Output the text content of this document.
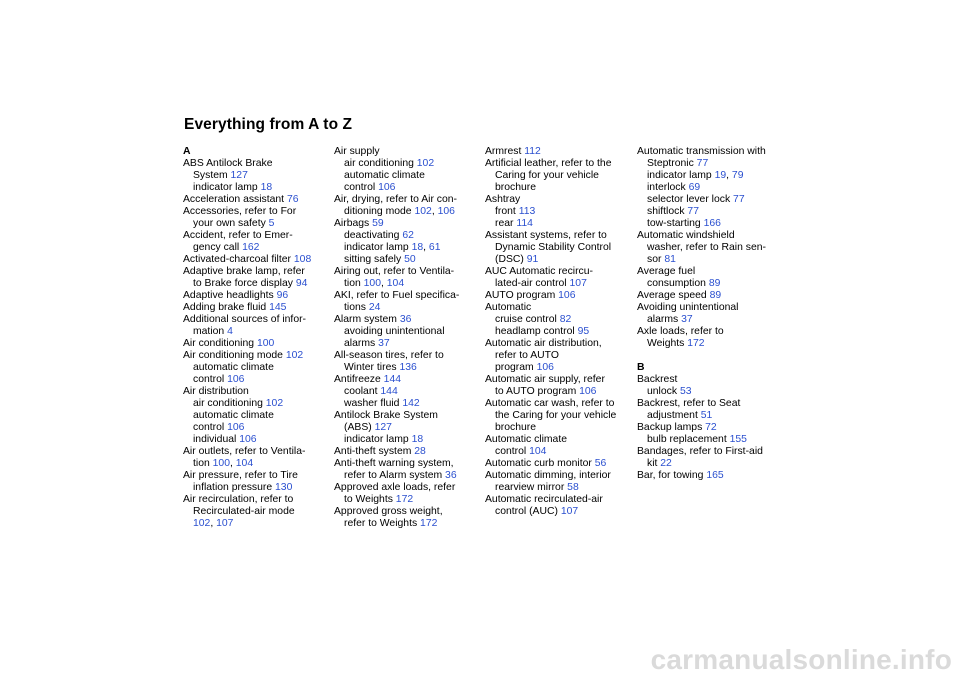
Everything from A to Z
A
ABS Antilock Brake
System 127
indicator lamp 18
Acceleration assistant 76
Accessories, refer to For
your own safety 5
Accident, refer to Emer-
gency call 162
Activated-charcoal filter 108
Adaptive brake lamp, refer
to Brake force display 94
Adaptive headlights 96
Adding brake fluid 145
Additional sources of infor-
mation 4
Air conditioning 100
Air conditioning mode 102
automatic climate
control 106
Air distribution
air conditioning 102
automatic climate
control 106
individual 106
Air outlets, refer to Ventila-
tion 100, 104
Air pressure, refer to Tire
inflation pressure 130
Air recirculation, refer to
Recirculated-air mode
102, 107
Air supply
air conditioning 102
automatic climate
control 106
Air, drying, refer to Air con-
ditioning mode 102, 106
Airbags 59
deactivating 62
indicator lamp 18, 61
sitting safely 50
Airing out, refer to Ventila-
tion 100, 104
AKI, refer to Fuel specifica-
tions 24
Alarm system 36
avoiding unintentional
alarms 37
All-season tires, refer to
Winter tires 136
Antifreeze 144
coolant 144
washer fluid 142
Antilock Brake System
(ABS) 127
indicator lamp 18
Anti-theft system 28
Anti-theft warning system,
refer to Alarm system 36
Approved axle loads, refer
to Weights 172
Approved gross weight,
refer to Weights 172
Armrest 112
Artificial leather, refer to the
Caring for your vehicle
brochure
Ashtray
front 113
rear 114
Assistant systems, refer to
Dynamic Stability Control
(DSC) 91
AUC Automatic recircu-
lated-air control 107
AUTO program 106
Automatic
cruise control 82
headlamp control 95
Automatic air distribution,
refer to AUTO
program 106
Automatic air supply, refer
to AUTO program 106
Automatic car wash, refer to
the Caring for your vehicle
brochure
Automatic climate
control 104
Automatic curb monitor 56
Automatic dimming, interior
rearview mirror 58
Automatic recirculated-air
control (AUC) 107
Automatic transmission with
Steptronic 77
indicator lamp 19, 79
interlock 69
selector lever lock 77
shiftlock 77
tow-starting 166
Automatic windshield
washer, refer to Rain sen-
sor 81
Average fuel
consumption 89
Average speed 89
Avoiding unintentional
alarms 37
Axle loads, refer to
Weights 172
B
Backrest
unlock 53
Backrest, refer to Seat
adjustment 51
Backup lamps 72
bulb replacement 155
Bandages, refer to First-aid
kit 22
Bar, for towing 165
carmanualsonline.info
